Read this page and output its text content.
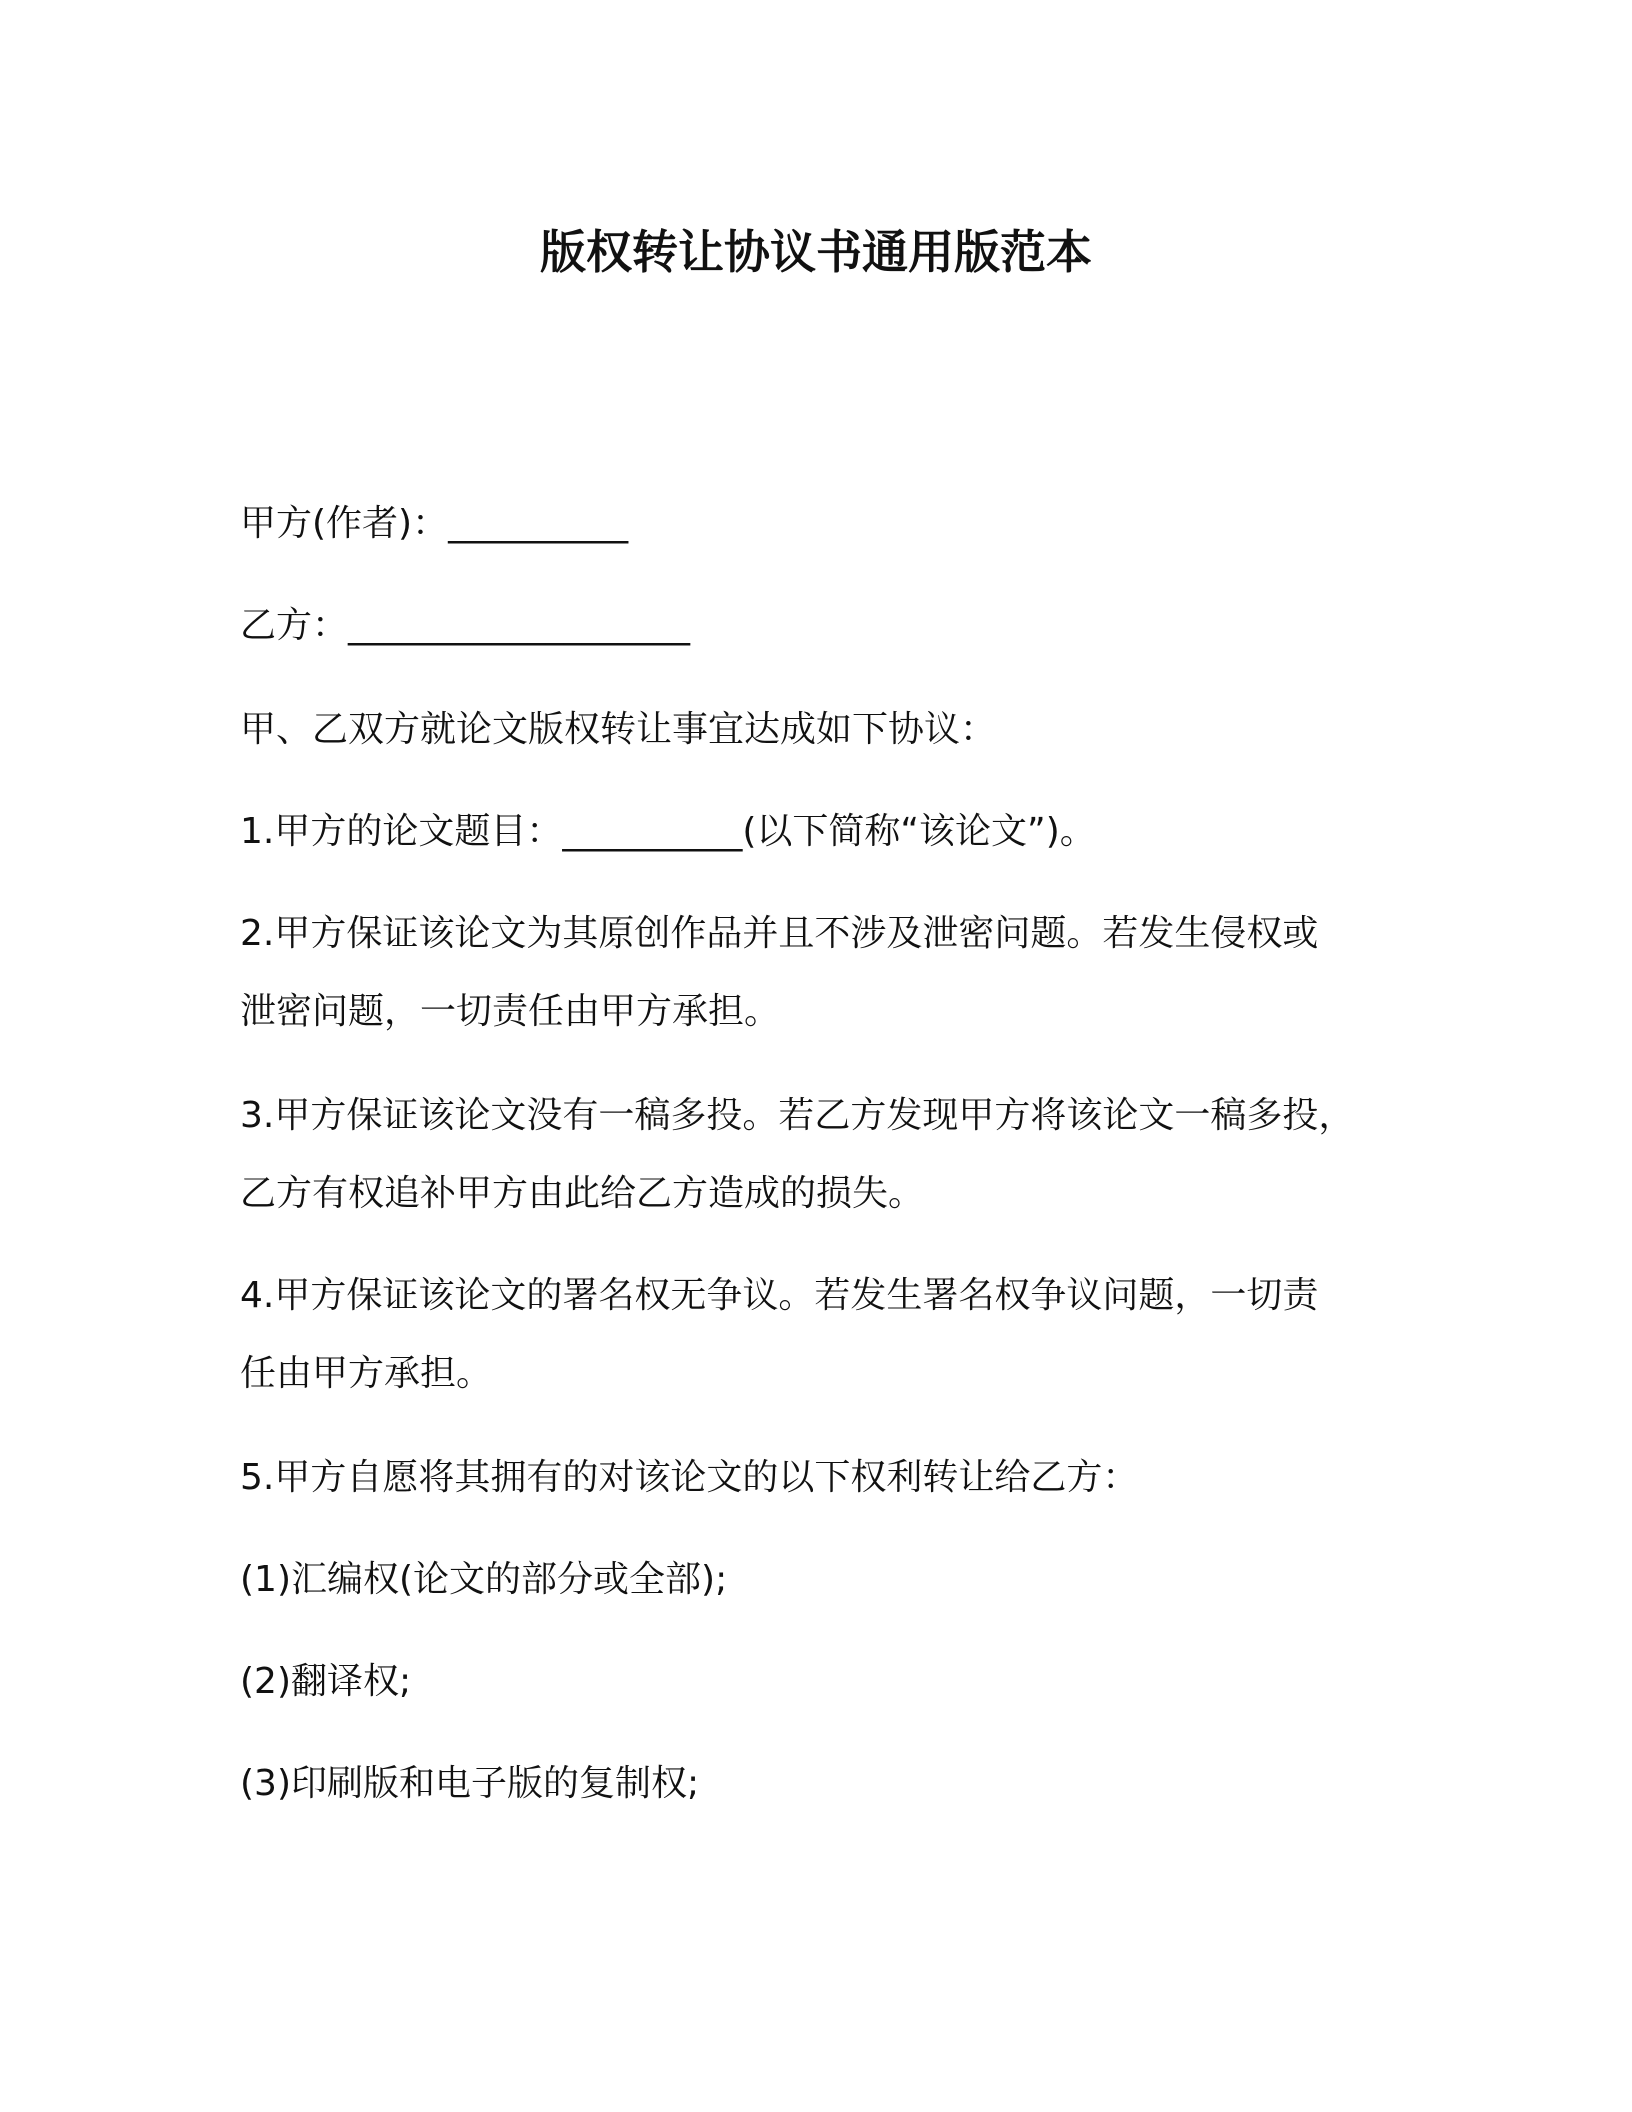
版权转让协议书通用版范本
甲方(作者)：__________
乙方：___________________
甲、乙双方就论文版权转让事宜达成如下协议：
1.甲方的论文题目：__________(以下简称“该论文”)。
2.甲方保证该论文为其原创作品并且不涉及泄密问题。若发生侵权或
泄密问题，一切责任由甲方承担。
3.甲方保证该论文没有一稿多投。若乙方发现甲方将该论文一稿多投，
乙方有权追补甲方由此给乙方造成的损失。
4.甲方保证该论文的署名权无争议。若发生署名权争议问题，一切责
任由甲方承担。
5.甲方自愿将其拥有的对该论文的以下权利转让给乙方：
(1)汇编权(论文的部分或全部);
(2)翻译权;
(3)印刷版和电子版的复制权;
